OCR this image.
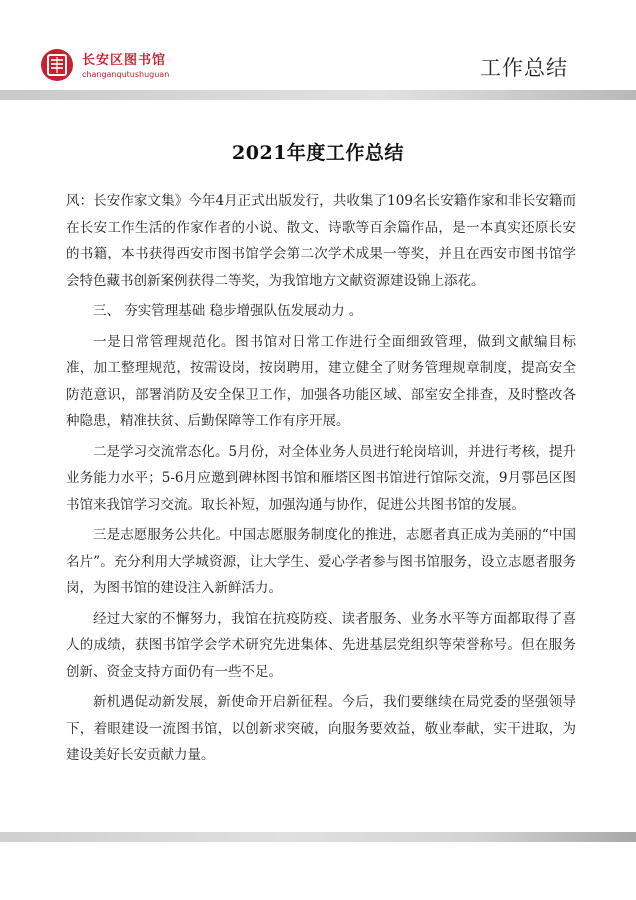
长安区图书馆
changanqutushuguan	工作总结
2021年度工作总结

风：长安作家文集》今年4月正式出版发行，共收集了109名长安籍作家和非长安籍而在长安工作生活的作家作者的小说、散文、诗歌等百余篇作品，是一本真实还原长安的书籍，本书获得西安市图书馆学会第二次学术成果一等奖，并且在西安市图书馆学会特色藏书创新案例获得二等奖，为我馆地方文献资源建设锦上添花。

三、 夯实管理基础 稳步增强队伍发展动力 。

一是日常管理规范化。图书馆对日常工作进行全面细致管理，做到文献编目标准，加工整理规范，按需设岗，按岗聘用，建立健全了财务管理规章制度，提高安全防范意识，部署消防及安全保卫工作，加强各功能区域、部室安全排查，及时整改各种隐患，精准扶贫、后勤保障等工作有序开展。

二是学习交流常态化。5月份，对全体业务人员进行轮岗培训，并进行考核，提升业务能力水平；5-6月应邀到碑林图书馆和雁塔区图书馆进行馆际交流，9月鄠邑区图书馆来我馆学习交流。取长补短，加强沟通与协作，促进公共图书馆的发展。

三是志愿服务公共化。中国志愿服务制度化的推进，志愿者真正成为美丽的“中国名片”。充分利用大学城资源，让大学生、爱心学者参与图书馆服务，设立志愿者服务岗，为图书馆的建设注入新鲜活力。

经过大家的不懈努力，我馆在抗疫防疫、读者服务、业务水平等方面都取得了喜人的成绩，获图书馆学会学术研究先进集体、先进基层党组织等荣誉称号。但在服务创新、资金支持方面仍有一些不足。

新机遇促动新发展，新使命开启新征程。今后，我们要继续在局党委的坚强领导下，着眼建设一流图书馆，以创新求突破，向服务要效益，敬业奉献，实干进取，为建设美好长安贡献力量。
